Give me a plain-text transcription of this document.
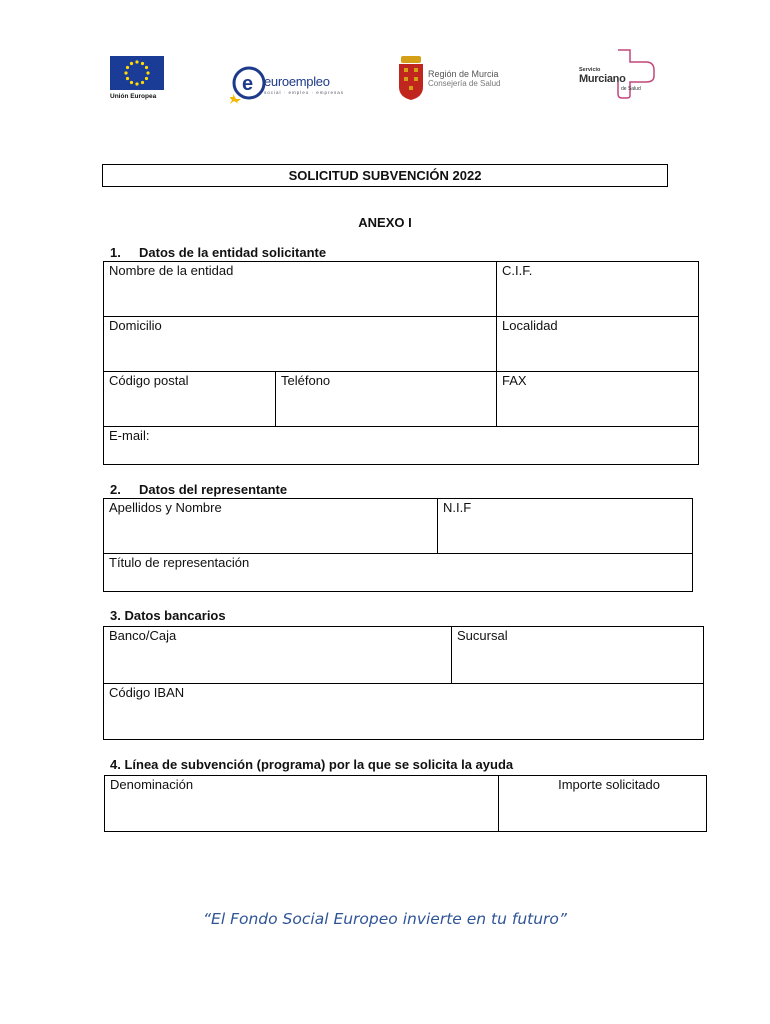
Unión Europea
e euroempleo
social · empleo · empresas
Región de Murcia
Consejería de Salud
Servicio
Murciano
de Salud
SOLICITUD SUBVENCIÓN 2022
ANEXO I
1. Datos de la entidad solicitante
Nombre de la entidad		C.I.F.
Domicilio		Localidad
Código postal	Teléfono	FAX
E-mail:		
2. Datos del representante
Apellidos y Nombre	N.I.F
Título de representación
3. Datos bancarios
Banco/Caja	Sucursal
Código IBAN
4. Línea de subvención (programa) por la que se solicita la ayuda
Denominación	Importe solicitado
“El Fondo Social Europeo invierte en tu futuro”
